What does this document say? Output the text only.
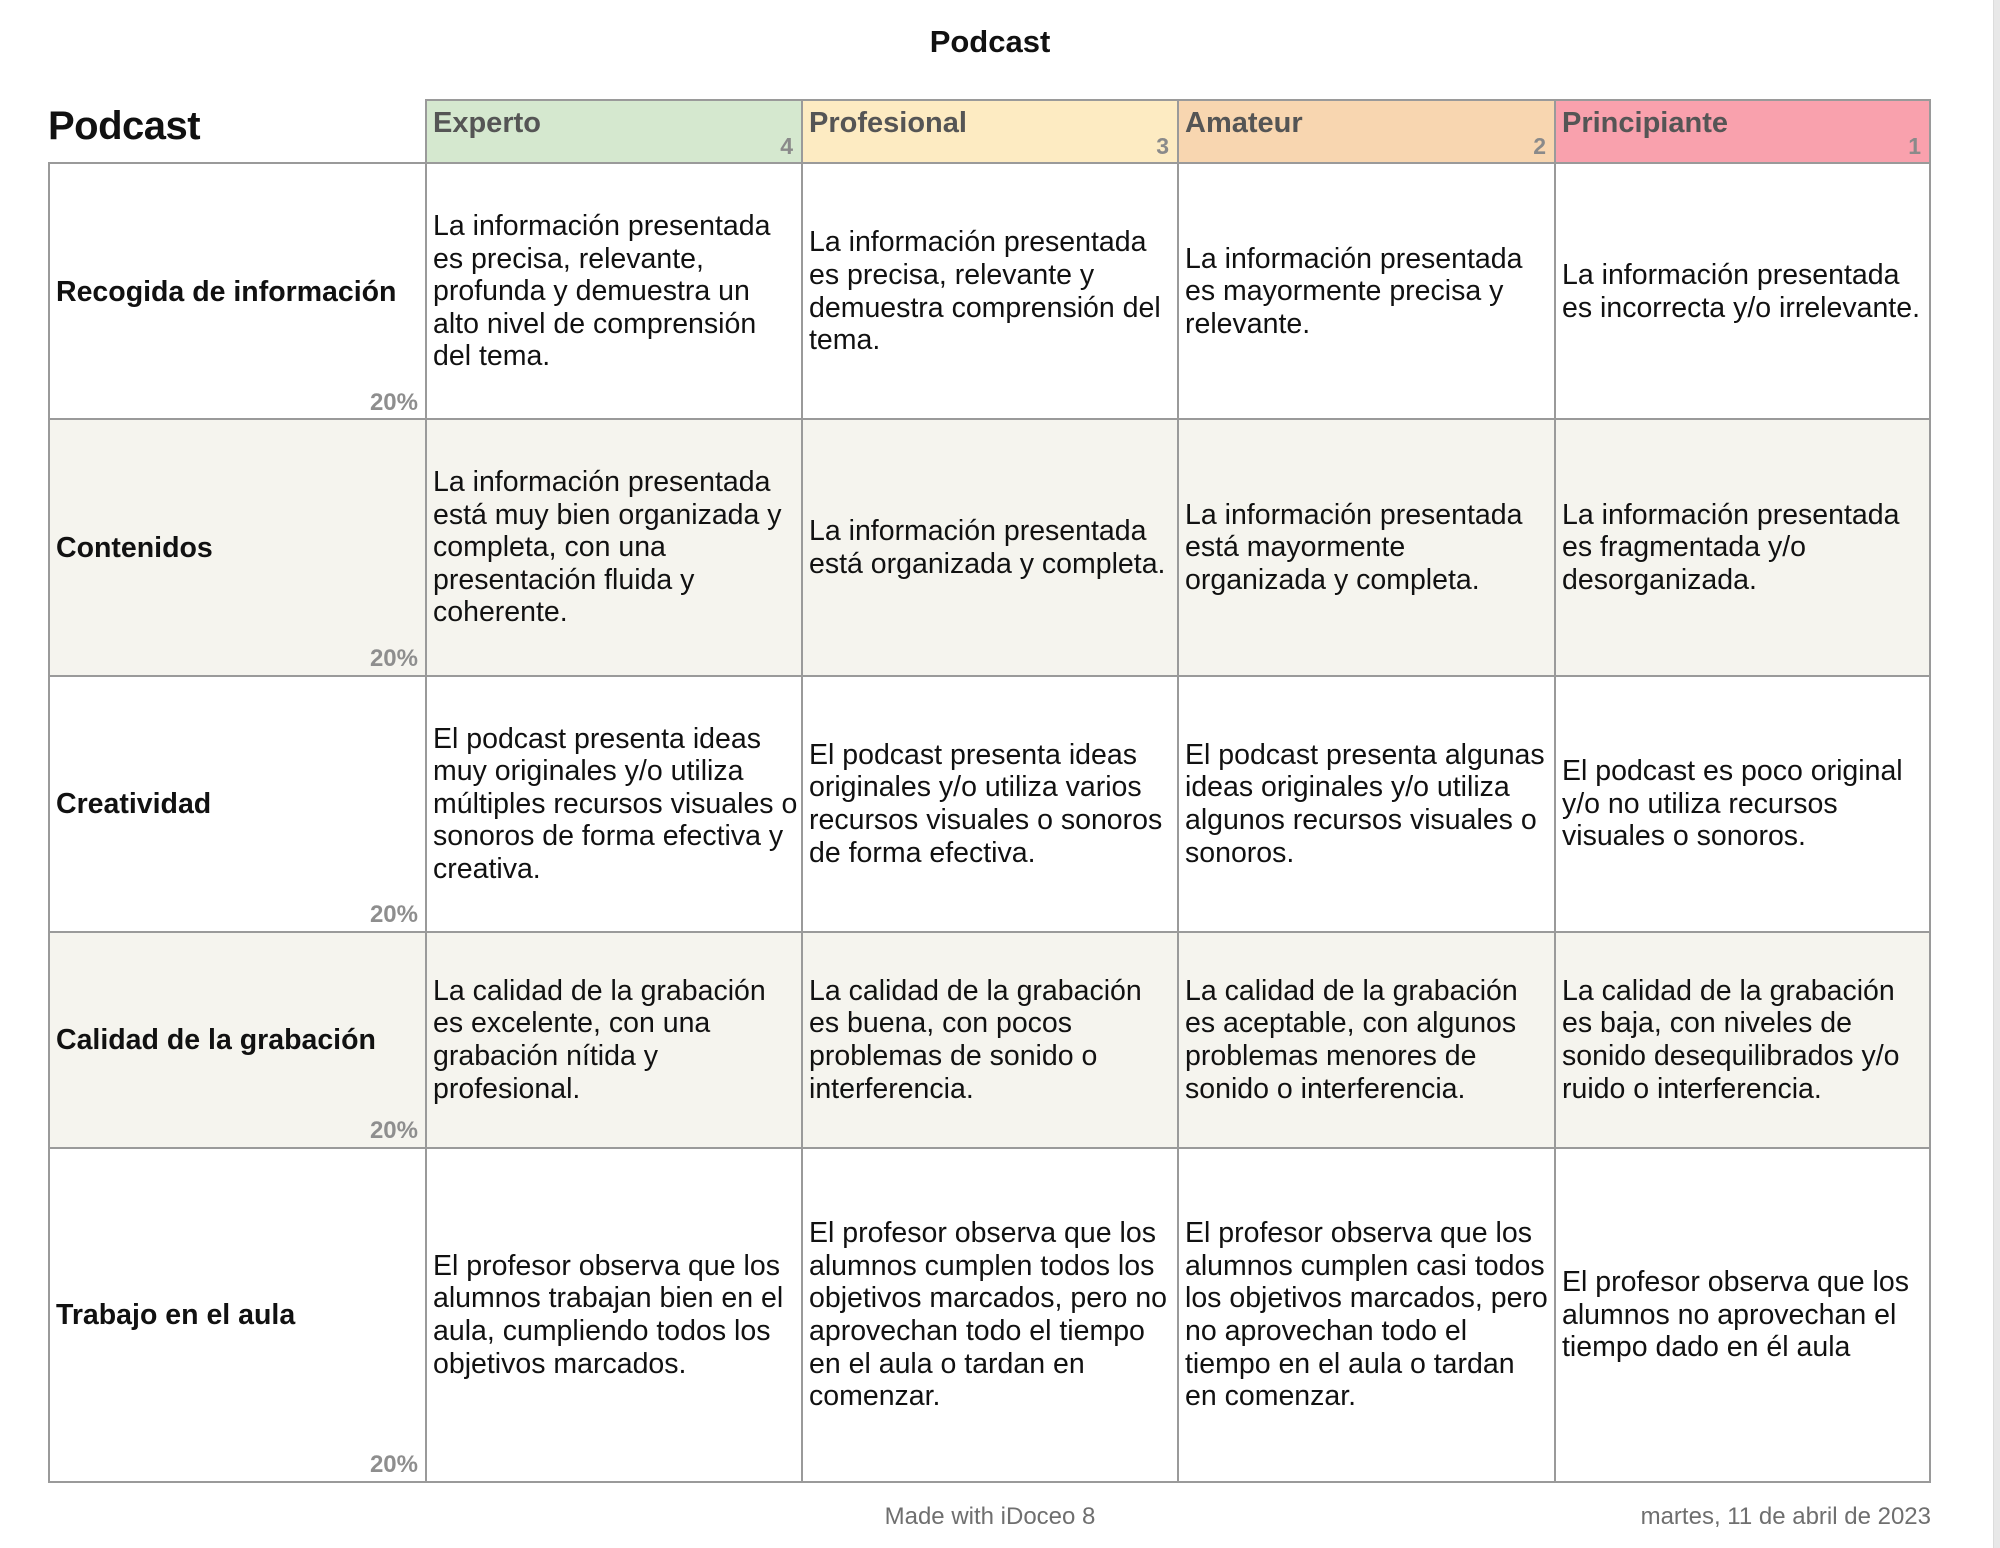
Podcast
Podcast	Experto
4
Profesional
3
Amateur
2
Principiante
1
Recogida de información
20%
La información presentada es precisa, relevante, profunda y demuestra un alto nivel de comprensión del tema.
La información presentada es precisa, relevante y demuestra comprensión del tema.
La información presentada es mayormente precisa y relevante.
La información presentada es incorrecta y/o irrelevante.
Contenidos
20%
La información presentada está muy bien organizada y completa, con una presentación fluida y coherente.
La información presentada está organizada y completa.
La información presentada está mayormente organizada y completa.
La información presentada es fragmentada y/o desorganizada.
Creatividad
20%
El podcast presenta ideas muy originales y/o utiliza múltiples recursos visuales o sonoros de forma efectiva y creativa.
El podcast presenta ideas originales y/o utiliza varios recursos visuales o sonoros de forma efectiva.
El podcast presenta algunas ideas originales y/o utiliza algunos recursos visuales o sonoros.
El podcast es poco original y/o no utiliza recursos visuales o sonoros.
Calidad de la grabación
20%
La calidad de la grabación es excelente, con una grabación nítida y profesional.
La calidad de la grabación es buena, con pocos problemas de sonido o interferencia.
La calidad de la grabación es aceptable, con algunos problemas menores de sonido o interferencia.
La calidad de la grabación es baja, con niveles de sonido desequilibrados y/o ruido o interferencia.
Trabajo en el aula
20%
El profesor observa que los alumnos trabajan bien en el aula, cumpliendo todos los objetivos marcados.
El profesor observa que los alumnos cumplen todos los objetivos marcados, pero no aprovechan todo el tiempo en el aula o tardan en comenzar.
El profesor observa que los alumnos cumplen casi todos los objetivos marcados, pero no aprovechan todo el tiempo en el aula o tardan en comenzar.
El profesor observa que los alumnos no aprovechan el tiempo dado en él aula
Made with iDoceo 8	martes, 11 de abril de 2023
